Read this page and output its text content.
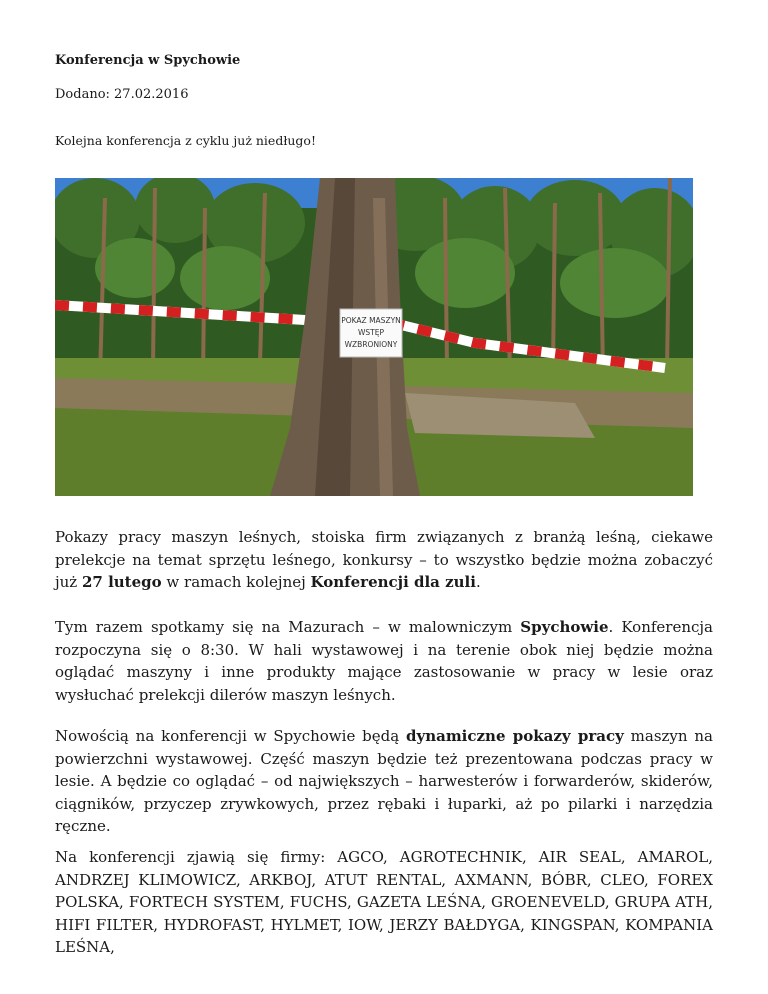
Konferencja w Spychowie
Dodano: 27.02.2016
Kolejna konferencja z cyklu już niedługo!
POKAZ MASZYN
WSTĘP
WZBRONIONY

Pokazy pracy maszyn leśnych, stoiska firm związanych z branżą leśną, ciekawe prelekcje na temat sprzętu leśnego, konkursy – to wszystko będzie można zobaczyć już 27 lutego w ramach kolejnej Konferencji dla zuli.

Tym razem spotkamy się na Mazurach – w malowniczym Spychowie. Konferencja rozpoczyna się o 8:30. W hali wystawowej i na terenie obok niej będzie można oglądać maszyny i inne produkty mające zastosowanie w pracy w lesie oraz wysłuchać prelekcji dilerów maszyn leśnych.

Nowością na konferencji w Spychowie będą dynamiczne pokazy pracy maszyn na powierzchni wystawowej. Część maszyn będzie też prezentowana podczas pracy w lesie. A będzie co oglądać – od największych – harwesterów i forwarderów, skiderów, ciągników, przyczep zrywkowych, przez rębaki i łuparki, aż po pilarki i narzędzia ręczne.

Na konferencji zjawią się firmy: AGCO, AGROTECHNIK, AIR SEAL, AMAROL, ANDRZEJ KLIMOWICZ, ARKBOJ, ATUT RENTAL, AXMANN, BÓBR, CLEO, FOREX POLSKA, FORTECH SYSTEM, FUCHS, GAZETA LEŚNA, GROENEVELD, GRUPA ATH, HIFI FILTER, HYDROFAST, HYLMET, IOW, JERZY BAŁDYGA, KINGSPAN, KOMPANIA LEŚNA,
